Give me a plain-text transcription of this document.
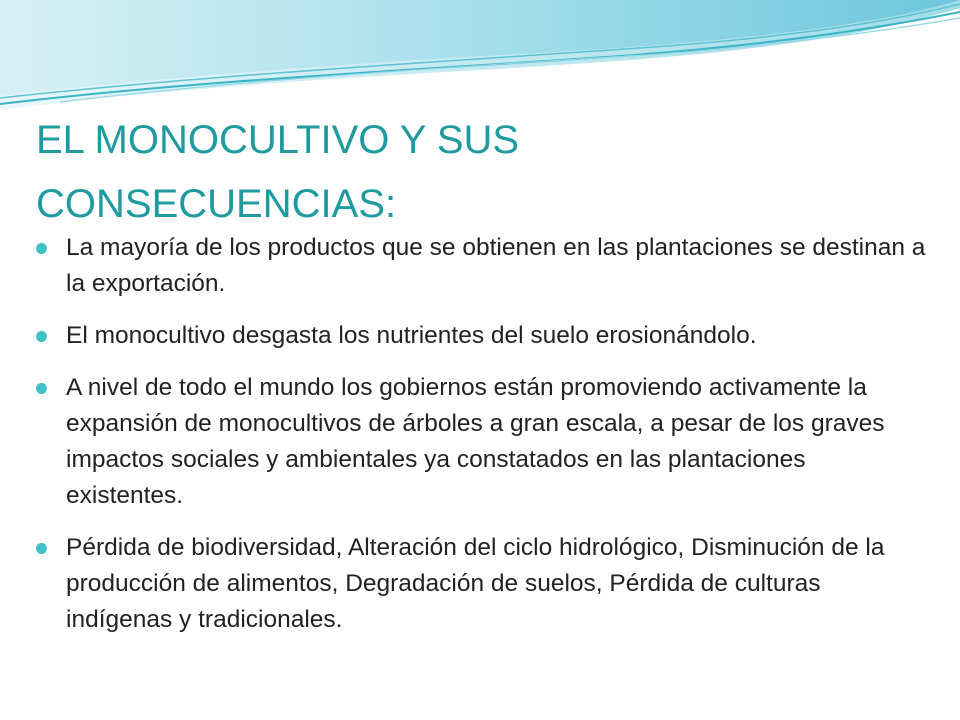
EL MONOCULTIVO Y SUS
CONSECUENCIAS:
La mayoría de los productos que se obtienen en las plantaciones se destinan a la exportación.
El monocultivo desgasta los nutrientes del suelo erosionándolo.
A nivel de todo el mundo los gobiernos están promoviendo activamente la expansión de monocultivos de árboles a gran escala, a pesar de los graves impactos sociales y ambientales ya constatados en las plantaciones existentes.
Pérdida de biodiversidad, Alteración del ciclo hidrológico, Disminución de la producción de alimentos, Degradación de suelos, Pérdida de culturas indígenas y tradicionales.
